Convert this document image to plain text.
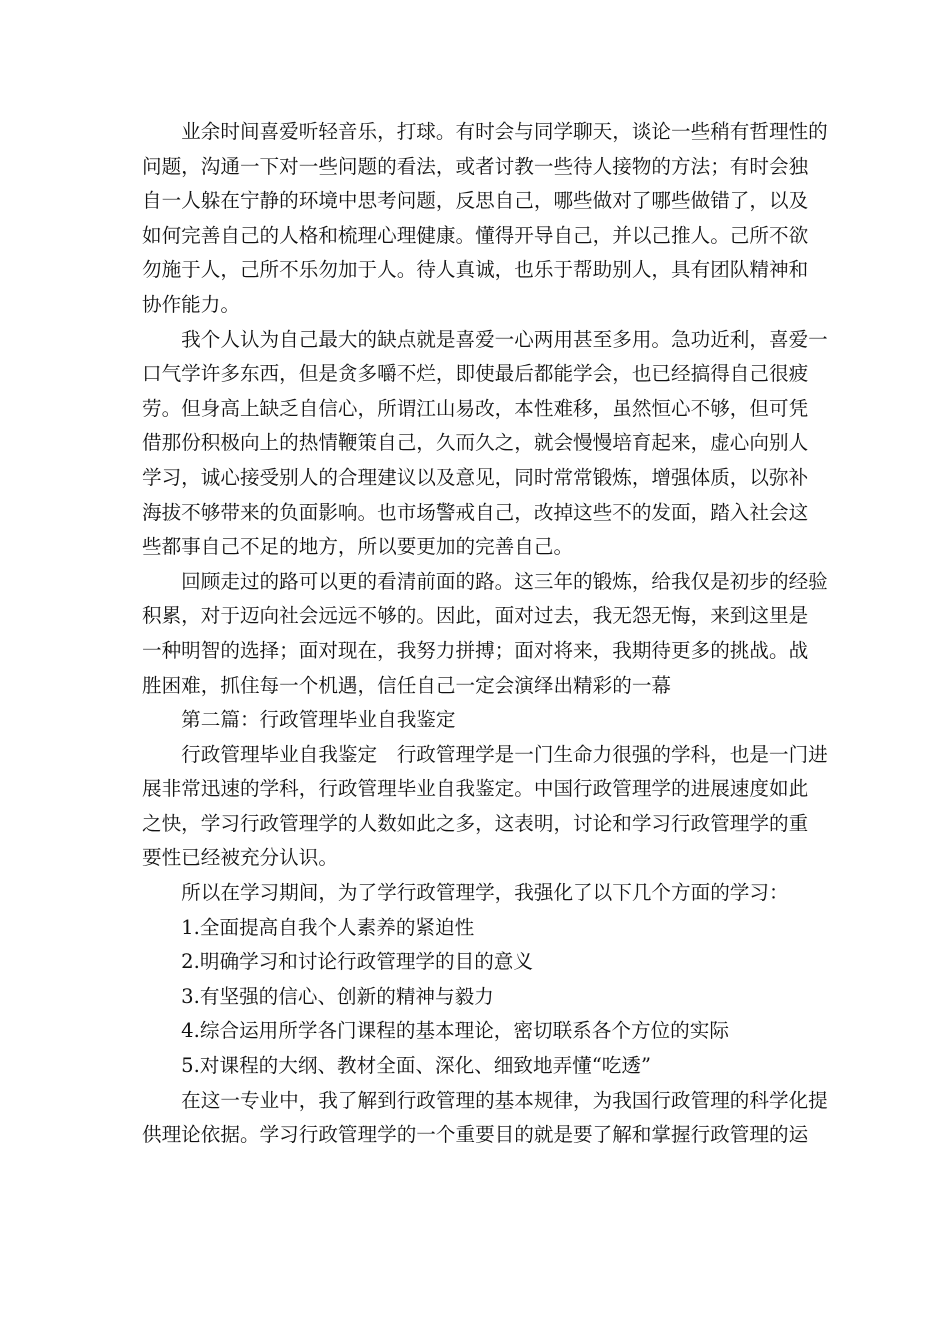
　　业余时间喜爱听轻音乐，打球。有时会与同学聊天，谈论一些稍有哲理性的
问题，沟通一下对一些问题的看法，或者讨教一些待人接物的方法；有时会独
自一人躲在宁静的环境中思考问题，反思自己，哪些做对了哪些做错了，以及
如何完善自己的人格和梳理心理健康。懂得开导自己，并以己推人。己所不欲
勿施于人，己所不乐勿加于人。待人真诚，也乐于帮助别人，具有团队精神和
协作能力。
　　我个人认为自己最大的缺点就是喜爱一心两用甚至多用。急功近利，喜爱一
口气学许多东西，但是贪多嚼不烂，即使最后都能学会，也已经搞得自己很疲
劳。但身高上缺乏自信心，所谓江山易改，本性难移，虽然恒心不够，但可凭
借那份积极向上的热情鞭策自己，久而久之，就会慢慢培育起来，虚心向别人
学习，诚心接受别人的合理建议以及意见，同时常常锻炼，增强体质，以弥补
海拔不够带来的负面影响。也市场警戒自己，改掉这些不的发面，踏入社会这
些都事自己不足的地方，所以要更加的完善自己。
　　回顾走过的路可以更的看清前面的路。这三年的锻炼，给我仅是初步的经验
积累，对于迈向社会远远不够的。因此，面对过去，我无怨无悔，来到这里是
一种明智的选择；面对现在，我努力拼搏；面对将来，我期待更多的挑战。战
胜困难，抓住每一个机遇，信任自己一定会演绎出精彩的一幕
　　第二篇：行政管理毕业自我鉴定
　　行政管理毕业自我鉴定　行政管理学是一门生命力很强的学科，也是一门进
展非常迅速的学科，行政管理毕业自我鉴定。中国行政管理学的进展速度如此
之快，学习行政管理学的人数如此之多，这表明，讨论和学习行政管理学的重
要性已经被充分认识。
　　所以在学习期间，为了学行政管理学，我强化了以下几个方面的学习：
　　1.全面提高自我个人素养的紧迫性
　　2.明确学习和讨论行政管理学的目的意义
　　3.有坚强的信心、创新的精神与毅力
　　4.综合运用所学各门课程的基本理论，密切联系各个方位的实际
　　5.对课程的大纲、教材全面、深化、细致地弄懂“吃透”
　　在这一专业中，我了解到行政管理的基本规律，为我国行政管理的科学化提
供理论依据。学习行政管理学的一个重要目的就是要了解和掌握行政管理的运
